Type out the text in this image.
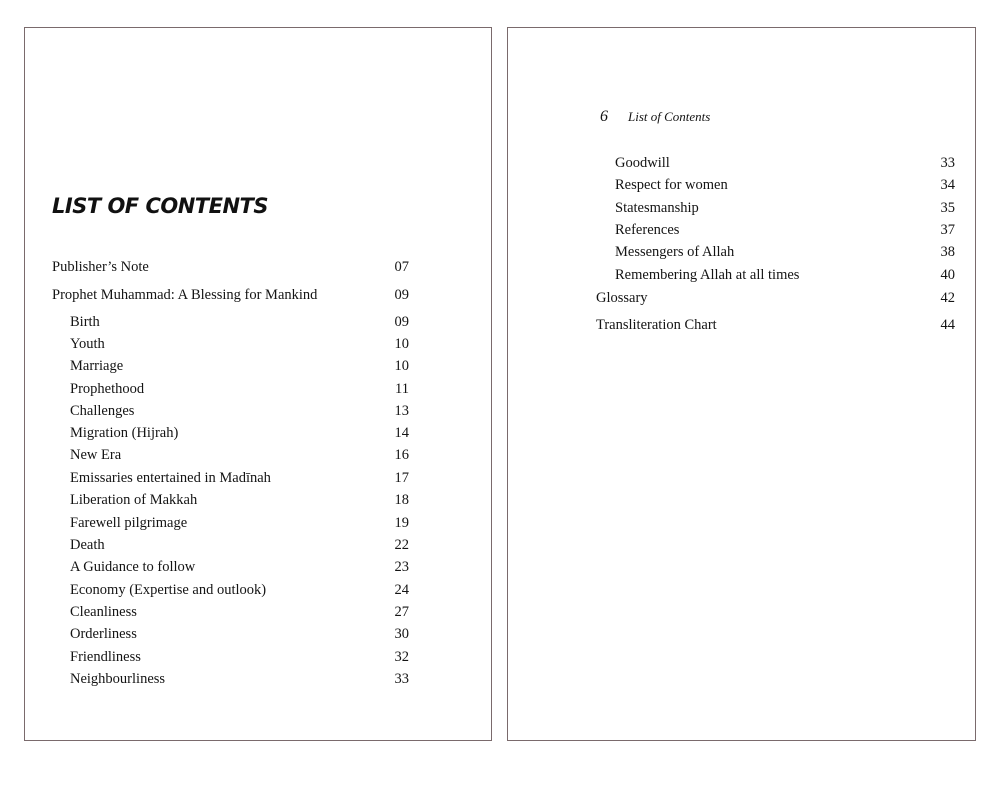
LIST OF CONTENTS
Publisher’s Note	07
Prophet Muhammad: A Blessing for Mankind	09
Birth	09
Youth	10
Marriage	10
Prophethood	11
Challenges	13
Migration (Hijrah)	14
New Era	16
Emissaries entertained in Madīnah	17
Liberation of Makkah	18
Farewell pilgrimage	19
Death	22
A Guidance to follow	23
Economy (Expertise and outlook)	24
Cleanliness	27
Orderliness	30
Friendliness	32
Neighbourliness	33
6 List of Contents
Goodwill	33
Respect for women	34
Statesmanship	35
References	37
Messengers of Allah	38
Remembering Allah at all times	40
Glossary	42
Transliteration Chart	44
